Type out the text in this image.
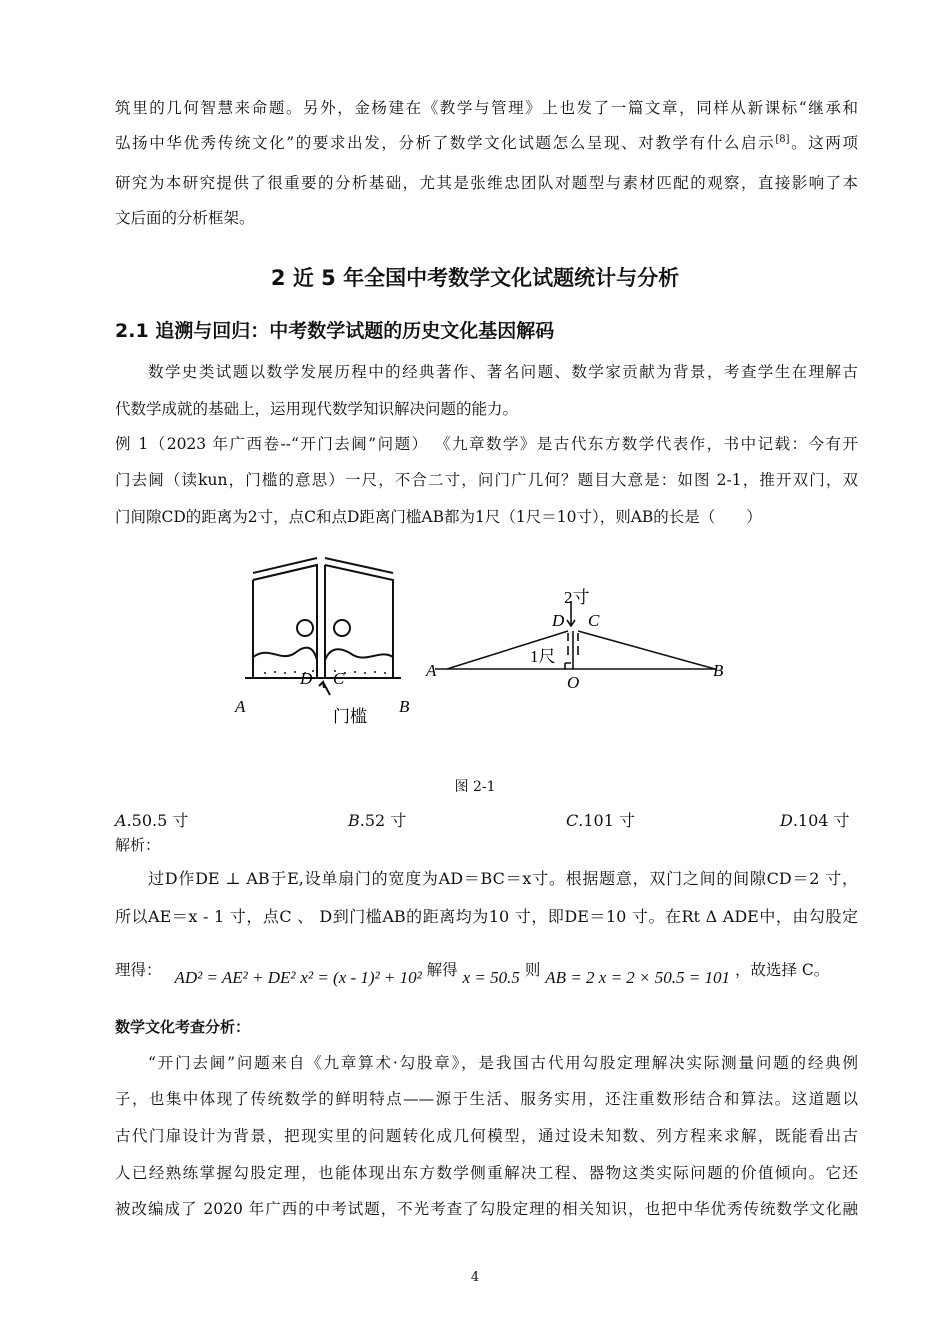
筑里的几何智慧来命题。另外，金杨建在《教学与管理》上也发了一篇文章，同样从新课标“继承和
弘扬中华优秀传统文化”的要求出发，分析了数学文化试题怎么呈现、对教学有什么启示[8]。这两项
研究为本研究提供了很重要的分析基础，尤其是张维忠团队对题型与素材匹配的观察，直接影响了本
文后面的分析框架。
2 近 5 年全国中考数学文化试题统计与分析
2.1 追溯与回归：中考数学试题的历史文化基因解码
数学史类试题以数学发展历程中的经典著作、著名问题、数学家贡献为背景，考查学生在理解古
代数学成就的基础上，运用现代数学知识解决问题的能力。
例 1（2023 年广西卷--“开门去阃”问题） 《九章数学》是古代东方数学代表作，书中记载：今有开
门去阃（读kun，门槛的意思）一尺，不合二寸，问门广几何？题目大意是：如图 2-1，推开双门，双
门间隙CD的距离为2寸，点C和点D距离门槛AB都为1尺（1尺＝10寸），则AB的长是（　　）
A	B
D C
门槛
2寸
D C
1尺
A	B
O
图 2-1
A.50.5 寸	B.52 寸	C.101 寸	D.104 寸
解析：
过D作DE ⊥ AB于E,设单扇门的宽度为AD＝BC＝x寸。根据题意，双门之间的间隙CD＝2 寸，
所以AE＝x - 1 寸，点C 、 D到门槛AB的距离均为10 寸，即DE＝10 寸。在Rt Δ ADE中，由勾股定
理得： AD² = AE² + DE² x² = (x - 1)² + 10² 解得 x = 50.5 则 AB = 2 x = 2 × 50.5 = 101 ，故选择 C。
数学文化考查分析：
“开门去阃”问题来自《九章算术·勾股章》，是我国古代用勾股定理解决实际测量问题的经典例
子，也集中体现了传统数学的鲜明特点——源于生活、服务实用，还注重数形结合和算法。这道题以
古代门扉设计为背景，把现实里的问题转化成几何模型，通过设未知数、列方程来求解，既能看出古
人已经熟练掌握勾股定理，也能体现出东方数学侧重解决工程、器物这类实际问题的价值倾向。它还
被改编成了 2020 年广西的中考试题，不光考查了勾股定理的相关知识，也把中华优秀传统数学文化融
4
